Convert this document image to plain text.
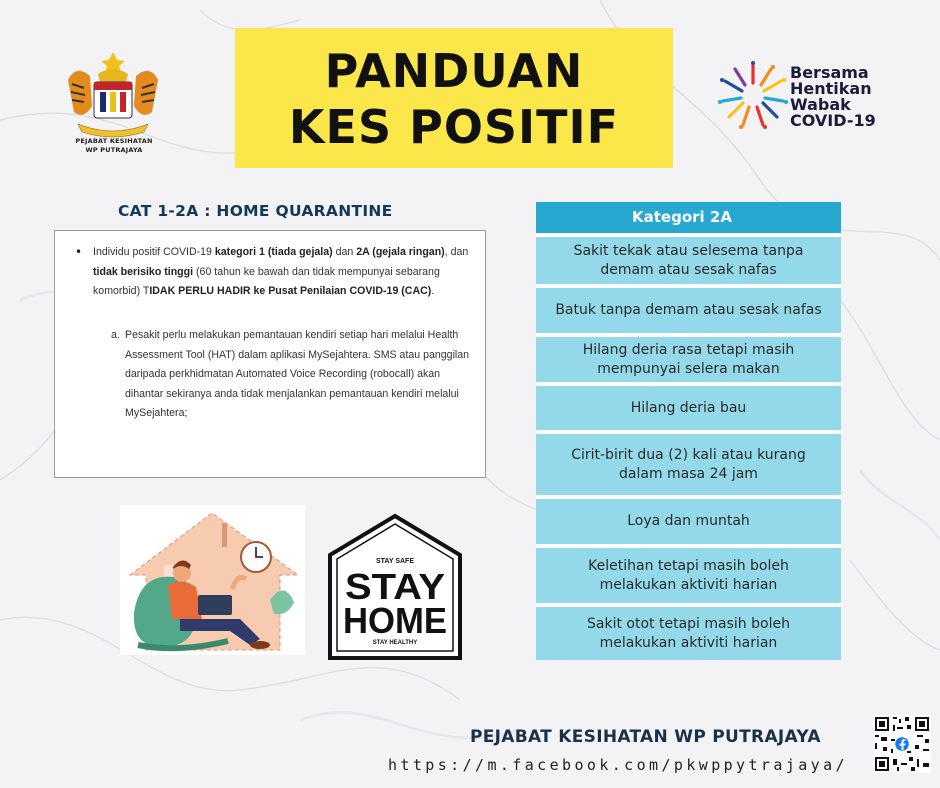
PEJABAT KESIHATAN
WP PUTRAJAYA
PANDUAN
KES POSITIF
Bersama
Hentikan
Wabak
COVID-19
CAT 1-2A : HOME QUARANTINE
• Individu positif COVID-19 kategori 1 (tiada gejala) dan 2A (gejala ringan), dan tidak berisiko tinggi (60 tahun ke bawah dan tidak mempunyai sebarang komorbid) TIDAK PERLU HADIR ke Pusat Penilaian COVID-19 (CAC).
a. Pesakit perlu melakukan pemantauan kendiri setiap hari melalui Health Assessment Tool (HAT) dalam aplikasi MySejahtera. SMS atau panggilan daripada perkhidmatan Automated Voice Recording (robocall) akan dihantar sekiranya anda tidak menjalankan pemantauan kendiri melalui MySejahtera;
Kategori 2A
Sakit tekak atau selesema tanpa
demam atau sesak nafas
Batuk tanpa demam atau sesak nafas
Hilang deria rasa tetapi masih
mempunyai selera makan
Hilang deria bau
Cirit-birit dua (2) kali atau kurang
dalam masa 24 jam
Loya dan muntah
Keletihan tetapi masih boleh
melakukan aktiviti harian
Sakit otot tetapi masih boleh
melakukan aktiviti harian
STAY SAFE
STAY
HOME
STAY HEALTHY
PEJABAT KESIHATAN WP PUTRAJAYA
https://m.facebook.com/pkwppytrajaya/
